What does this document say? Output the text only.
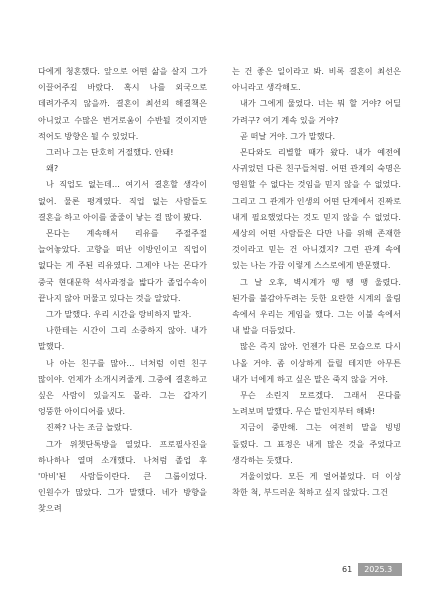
다에게 청혼했다. 앞으로 어떤 삶을 살지 그가 이끌어주길 바랐다. 혹시 나를 외국으로 데려가주지 않을까. 결혼이 최선의 해결책은 아니었고 수많은 번거로움이 수반될 것이지만 적어도 방향은 될 수 있었다.

그러나 그는 단호히 거절했다. 안돼!

왜?

나 직업도 없는데… 여기서 결혼할 생각이 없어. 물론 평계였다. 직업 없는 사람들도 결혼을 하고 아이를 줄줄이 낳는 걸 많이 봤다.

몬다는 계속해서 리유를 주절주절 늘어놓았다. 고향을 떠난 이방인이고 직업이 없다는 게 주된 리유였다. 그제야 나는 몬다가 중국 현대문학 석사과정을 밟다가 졸업수속이 끝나지 않아 머물고 있다는 것을 알았다.

그가 말했다. 우리 시간을 랑비하지 말자.

나한테는 시간이 그리 소중하지 않아. 내가 말했다.

나 아는 친구를 많아… 너처럼 이런 친구 많이야. 언제가 소개시켜줄게. 그중에 결혼하고 싶은 사람이 있을지도 몰라. 그는 갑자기 엉뚱한 아이디어를 냈다.

진짜? 나는 조금 놀랐다.

그가 위챗단톡방을 열었다. 프로필사진을 하나하나 열며 소개했다. 나처럼 졸업 후 '마비'된 사람들이란다. 큰 그룹이었다. 인원수가 많았다. 그가 말했다. 네가 방향을 찾으려

는 건 좋은 일이라고 봐. 비록 결혼이 최선은 아니라고 생각해도.

내가 그에게 물었다. 너는 뭐 할 거야? 어딜 가려구? 여기 계속 있을 거야?

곧 떠날 거야. 그가 말했다.

몬다와도 리별할 때가 왔다. 내가 예전에 사귀었던 다른 친구들처럼. 어떤 관계의 숙명은 영원할 수 없다는 것임을 믿지 않을 수 없었다. 그리고 그 관계가 인생의 어떤 단계에서 진짜로 내게 필요했었다는 것도 믿지 않을 수 없었다. 세상의 어떤 사람들은 다만 나를 위해 존재한 것이라고 믿는 건 아니겠지? 그런 관계 속에 있는 나는 가끔 이렇게 스스로에게 반문했다.

그 날 오후, 벽시계가 땡 땡 땡 울렸다. 된가를 불감아두려는 듯한 요란한 시계의 울림 속에서 우리는 게임을 했다. 그는 이불 속에서 내 발을 더듬었다.

많은 즉지 않아. 언젠가 다른 모습으로 다시 나올 거야. 좀 이상하게 들릴 테지만 아무튼 내가 너에게 하고 싶은 말은 죽지 않을 거야.

무슨 소린지 모르겠다. 그래서 몬다를 노려보며 말했다. 무슨 말인지부터 해봐!

지금이 중만해. 그는 여전히 말을 빙빙 돌렸다. 그 표정은 내게 많은 것을 주었다고 생각하는 듯했다.

겨울이었다. 모든 게 얼어붙었다. 더 이상 착한 척, 부드러운 척하고 싶지 않았다. 그건

61	2025.3
